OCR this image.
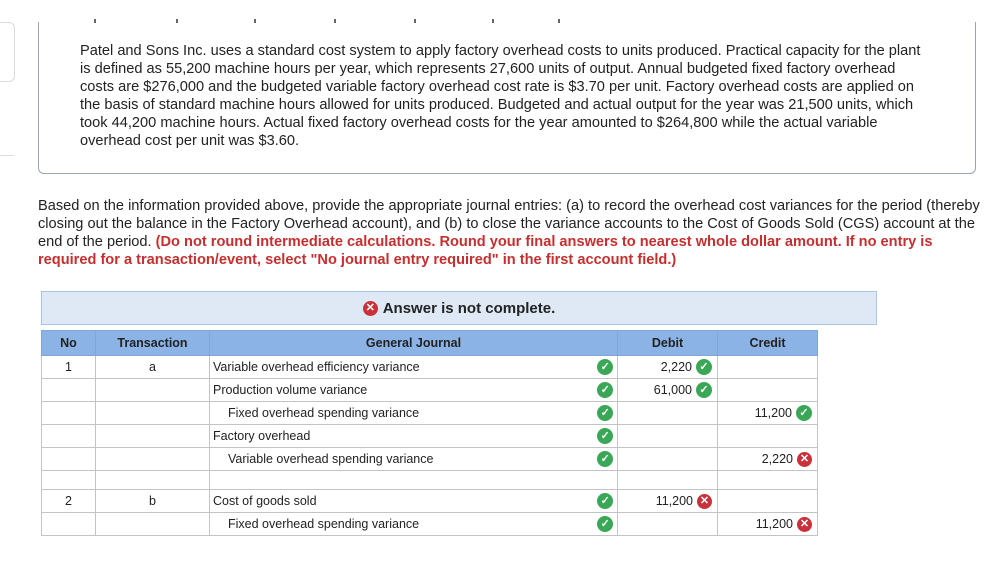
Patel and Sons Inc. uses a standard cost system to apply factory overhead costs to units produced. Practical capacity for the plant is defined as 55,200 machine hours per year, which represents 27,600 units of output. Annual budgeted fixed factory overhead costs are $276,000 and the budgeted variable factory overhead cost rate is $3.70 per unit. Factory overhead costs are applied on the basis of standard machine hours allowed for units produced. Budgeted and actual output for the year was 21,500 units, which took 44,200 machine hours. Actual fixed factory overhead costs for the year amounted to $264,800 while the actual variable overhead cost per unit was $3.60.
Based on the information provided above, provide the appropriate journal entries: (a) to record the overhead cost variances for the period (thereby closing out the balance in the Factory Overhead account), and (b) to close the variance accounts to the Cost of Goods Sold (CGS) account at the end of the period. (Do not round intermediate calculations. Round your final answers to nearest whole dollar amount. If no entry is required for a transaction/event, select "No journal entry required" in the first account field.)
✕ Answer is not complete.
No	Transaction	General Journal		Debit	Credit
1	a	Variable overhead efficiency variance	✓	2,220 ✓	

		Production volume variance	✓	61,000 ✓	

		Fixed overhead spending variance	✓		11,200 ✓

		Factory overhead	✓	

		Variable overhead spending variance	✓		2,220 ✕

2	b	Cost of goods sold	✓	11,200 ✕	

		Fixed overhead spending variance	✓		11,200 ✕
